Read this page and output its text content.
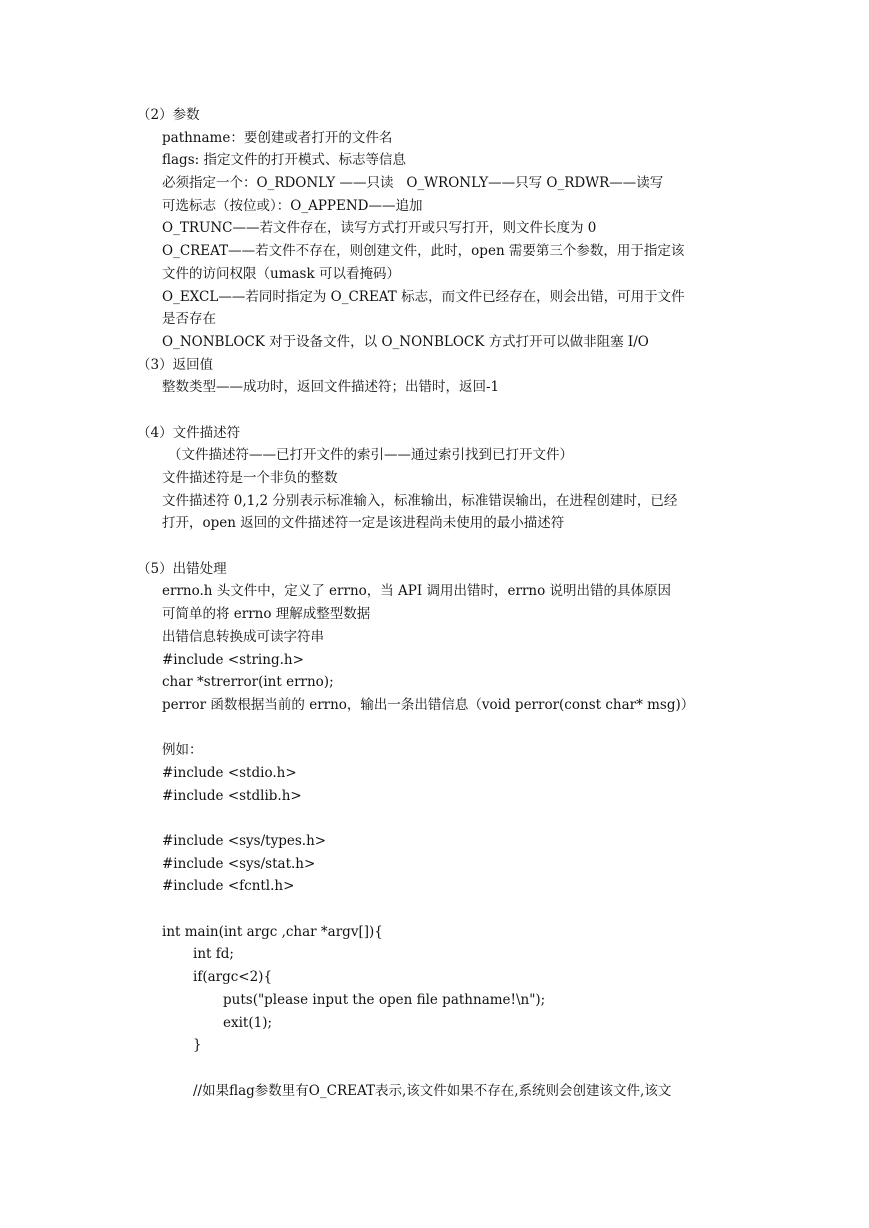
（2）参数
pathname：要创建或者打开的文件名
flags: 指定文件的打开模式、标志等信息
必须指定一个：O_RDONLY ——只读   O_WRONLY——只写 O_RDWR——读写
可选标志（按位或）：O_APPEND——追加
O_TRUNC——若文件存在，读写方式打开或只写打开，则文件长度为 0
O_CREAT——若文件不存在，则创建文件，此时，open 需要第三个参数，用于指定该
文件的访问权限（umask 可以看掩码）
O_EXCL——若同时指定为 O_CREAT 标志，而文件已经存在，则会出错，可用于文件
是否存在
O_NONBLOCK 对于设备文件，以 O_NONBLOCK 方式打开可以做非阻塞 I/O
（3）返回值
整数类型——成功时，返回文件描述符；出错时，返回-1
（4）文件描述符
（文件描述符——已打开文件的索引——通过索引找到已打开文件）
文件描述符是一个非负的整数
文件描述符 0,1,2 分别表示标准输入，标准输出，标准错误输出，在进程创建时，已经
打开，open 返回的文件描述符一定是该进程尚未使用的最小描述符
（5）出错处理
errno.h 头文件中，定义了 errno，当 API 调用出错时，errno 说明出错的具体原因
可简单的将 errno 理解成整型数据
出错信息转换成可读字符串
#include <string.h>
char *strerror(int errno);
perror 函数根据当前的 errno，输出一条出错信息（void perror(const char* msg)）
例如：
#include <stdio.h>
#include <stdlib.h>
#include <sys/types.h>
#include <sys/stat.h>
#include <fcntl.h>
int main(int argc ,char *argv[]){
int fd;
if(argc<2){
puts("please input the open file pathname!\n");
exit(1);
}
//如果flag参数里有O_CREAT表示,该文件如果不存在,系统则会创建该文件,该文
